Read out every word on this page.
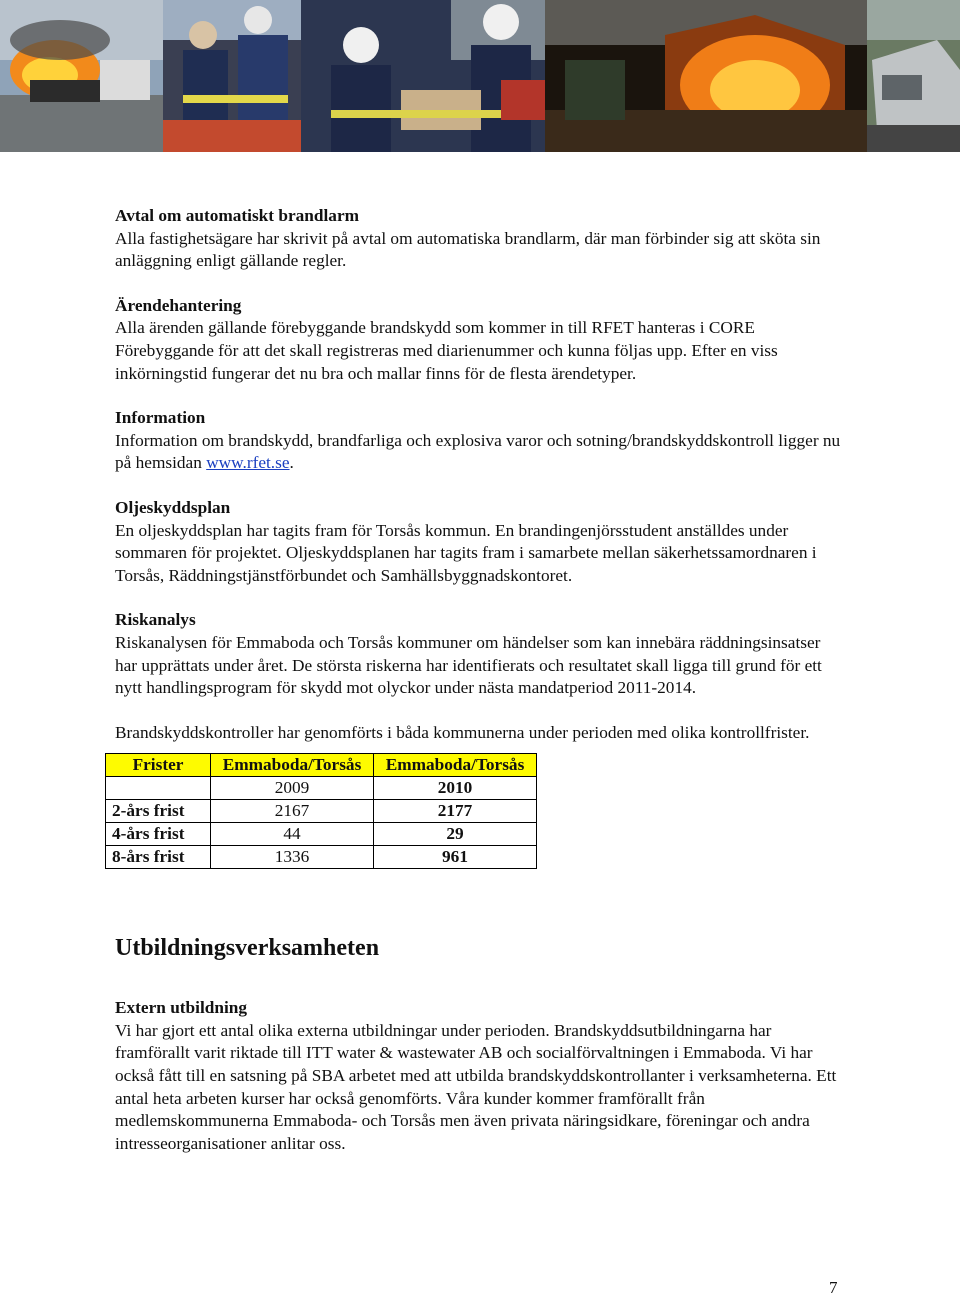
Avtal om automatiskt brandlarm
Alla fastighetsägare har skrivit på avtal om automatiska brandlarm, där man förbinder sig att sköta sin anläggning enligt gällande regler.
Ärendehantering
Alla ärenden gällande förebyggande brandskydd som kommer in till RFET hanteras i CORE Förebyggande för att det skall registreras med diarienummer och kunna följas upp. Efter en viss inkörningstid fungerar det nu bra och mallar finns för de flesta ärendetyper.
Information
Information om brandskydd, brandfarliga och explosiva varor och sotning/brandskyddskontroll ligger nu på hemsidan www.rfet.se.
Oljeskyddsplan
En oljeskyddsplan har tagits fram för Torsås kommun. En brandingenjörsstudent anställdes under sommaren för projektet. Oljeskyddsplanen har tagits fram i samarbete mellan säkerhetssamordnaren i Torsås, Räddningstjänstförbundet och Samhällsbyggnadskontoret.
Riskanalys
Riskanalysen för Emmaboda och Torsås kommuner om händelser som kan innebära räddningsinsatser har upprättats under året. De största riskerna har identifierats och resultatet skall ligga till grund för ett nytt handlingsprogram för skydd mot olyckor under nästa mandatperiod 2011-2014.
Brandskyddskontroller har genomförts i båda kommunerna under perioden med olika kontrollfrister.
Frister	Emmaboda/Torsås	Emmaboda/Torsås
	2009	2010
2-års frist	2167	2177
4-års frist	44	29
8-års frist	1336	961
Utbildningsverksamheten
Extern utbildning
Vi har gjort ett antal olika externa utbildningar under perioden. Brandskyddsutbildningarna har framförallt varit riktade till ITT water & wastewater AB och socialförvaltningen i Emmaboda. Vi har också fått till en satsning på SBA arbetet med att utbilda brandskyddskontrollanter i verksamheterna. Ett antal heta arbeten kurser har också genomförts. Våra kunder kommer framförallt från medlemskommunerna Emmaboda- och Torsås men även privata näringsidkare, föreningar och andra intresseorganisationer anlitar oss.
7
